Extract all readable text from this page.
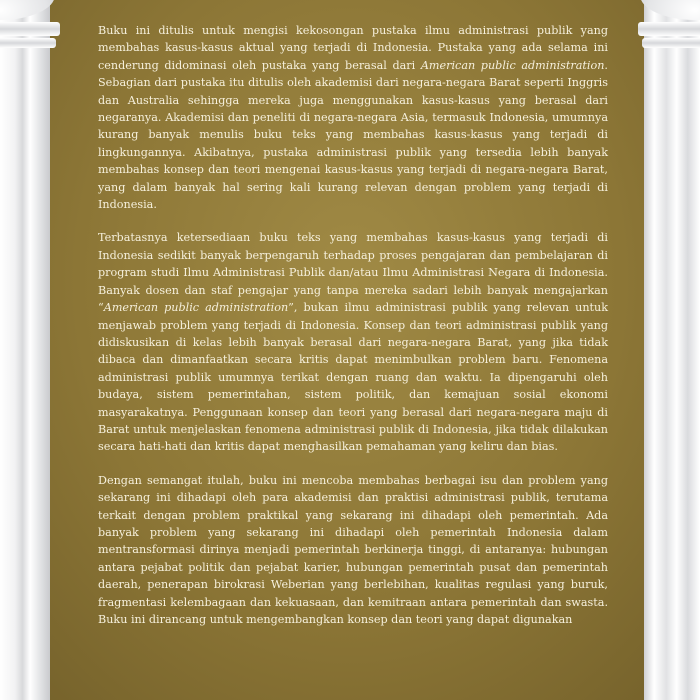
Buku ini ditulis untuk mengisi kekosongan pustaka ilmu administrasi publik yang membahas kasus-kasus aktual yang terjadi di Indonesia. Pustaka yang ada selama ini cenderung didominasi oleh pustaka yang berasal dari American public administration. Sebagian dari pustaka itu ditulis oleh akademisi dari negara-negara Barat seperti Inggris dan Australia sehingga mereka juga menggunakan kasus-kasus yang berasal dari negaranya. Akademisi dan peneliti di negara-negara Asia, termasuk Indonesia, umumnya kurang banyak menulis buku teks yang membahas kasus-kasus yang terjadi di lingkungannya. Akibatnya, pustaka administrasi publik yang tersedia lebih banyak membahas konsep dan teori mengenai kasus-kasus yang terjadi di negara-negara Barat, yang dalam banyak hal sering kali kurang relevan dengan problem yang terjadi di Indonesia.

Terbatasnya ketersediaan buku teks yang membahas kasus-kasus yang terjadi di Indonesia sedikit banyak berpengaruh terhadap proses pengajaran dan pembelajaran di program studi Ilmu Administrasi Publik dan/atau Ilmu Administrasi Negara di Indonesia. Banyak dosen dan staf pengajar yang tanpa mereka sadari lebih banyak mengajarkan “American public administration”, bukan ilmu administrasi publik yang relevan untuk menjawab problem yang terjadi di Indonesia. Konsep dan teori administrasi publik yang didiskusikan di kelas lebih banyak berasal dari negara-negara Barat, yang jika tidak dibaca dan dimanfaatkan secara kritis dapat menimbulkan problem baru. Fenomena administrasi publik umumnya terikat dengan ruang dan waktu. Ia dipengaruhi oleh budaya, sistem pemerintahan, sistem politik, dan kemajuan sosial ekonomi masyarakatnya. Penggunaan konsep dan teori yang berasal dari negara-negara maju di Barat untuk menjelaskan fenomena administrasi publik di Indonesia, jika tidak dilakukan secara hati-hati dan kritis dapat menghasilkan pemahaman yang keliru dan bias.

Dengan semangat itulah, buku ini mencoba membahas berbagai isu dan problem yang sekarang ini dihadapi oleh para akademisi dan praktisi administrasi publik, terutama terkait dengan problem praktikal yang sekarang ini dihadapi oleh pemerintah. Ada banyak problem yang sekarang ini dihadapi oleh pemerintah Indonesia dalam mentransformasi dirinya menjadi pemerintah berkinerja tinggi, di antaranya: hubungan antara pejabat politik dan pejabat karier, hubungan pemerintah pusat dan pemerintah daerah, penerapan birokrasi Weberian yang berlebihan, kualitas regulasi yang buruk, fragmentasi kelembagaan dan kekuasaan, dan kemitraan antara pemerintah dan swasta. Buku ini dirancang untuk mengembangkan konsep dan teori yang dapat digunakan
